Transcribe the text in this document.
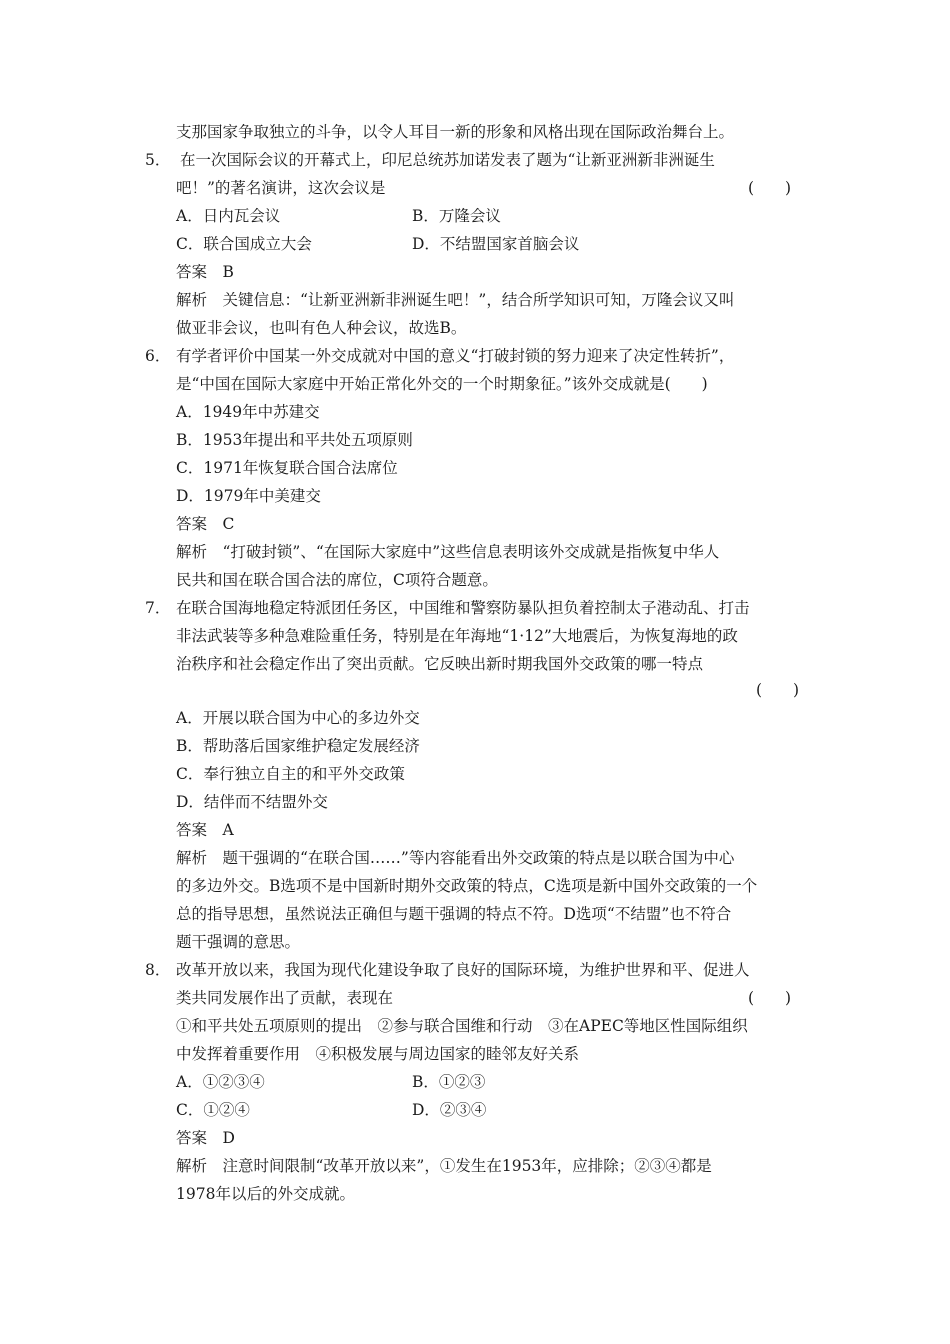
支那国家争取独立的斗争，以令人耳目一新的形象和风格出现在国际政治舞台上。
5． 在一次国际会议的开幕式上，印尼总统苏加诺发表了题为“让新亚洲新非洲诞生
吧！”的著名演讲，这次会议是	(　　)
A．日内瓦会议	B．万隆会议
C．联合国成立大会	D．不结盟国家首脑会议
答案　B
解析　关键信息：“让新亚洲新非洲诞生吧！”，结合所学知识可知，万隆会议又叫
做亚非会议，也叫有色人种会议，故选B。
6． 有学者评价中国某一外交成就对中国的意义“打破封锁的努力迎来了决定性转折”，
是“中国在国际大家庭中开始正常化外交的一个时期象征。”该外交成就是(　　)
A．1949年中苏建交
B．1953年提出和平共处五项原则
C．1971年恢复联合国合法席位
D．1979年中美建交
答案　C
解析　“打破封锁”、“在国际大家庭中”这些信息表明该外交成就是指恢复中华人
民共和国在联合国合法的席位，C项符合题意。
7． 在联合国海地稳定特派团任务区，中国维和警察防暴队担负着控制太子港动乱、打击
非法武装等多种急难险重任务，特别是在年海地“1·12”大地震后，为恢复海地的政
治秩序和社会稳定作出了突出贡献。它反映出新时期我国外交政策的哪一特点
(　　)
A．开展以联合国为中心的多边外交
B．帮助落后国家维护稳定发展经济
C．奉行独立自主的和平外交政策
D．结伴而不结盟外交
答案　A
解析　题干强调的“在联合国……”等内容能看出外交政策的特点是以联合国为中心
的多边外交。B选项不是中国新时期外交政策的特点，C选项是新中国外交政策的一个
总的指导思想，虽然说法正确但与题干强调的特点不符。D选项“不结盟”也不符合
题干强调的意思。
8． 改革开放以来，我国为现代化建设争取了良好的国际环境，为维护世界和平、促进人
类共同发展作出了贡献，表现在	(　　)
①和平共处五项原则的提出　②参与联合国维和行动　③在APEC等地区性国际组织
中发挥着重要作用　④积极发展与周边国家的睦邻友好关系
A．①②③④	B．①②③
C．①②④	D．②③④
答案　D
解析　注意时间限制“改革开放以来”，①发生在1953年，应排除；②③④都是
1978年以后的外交成就。
